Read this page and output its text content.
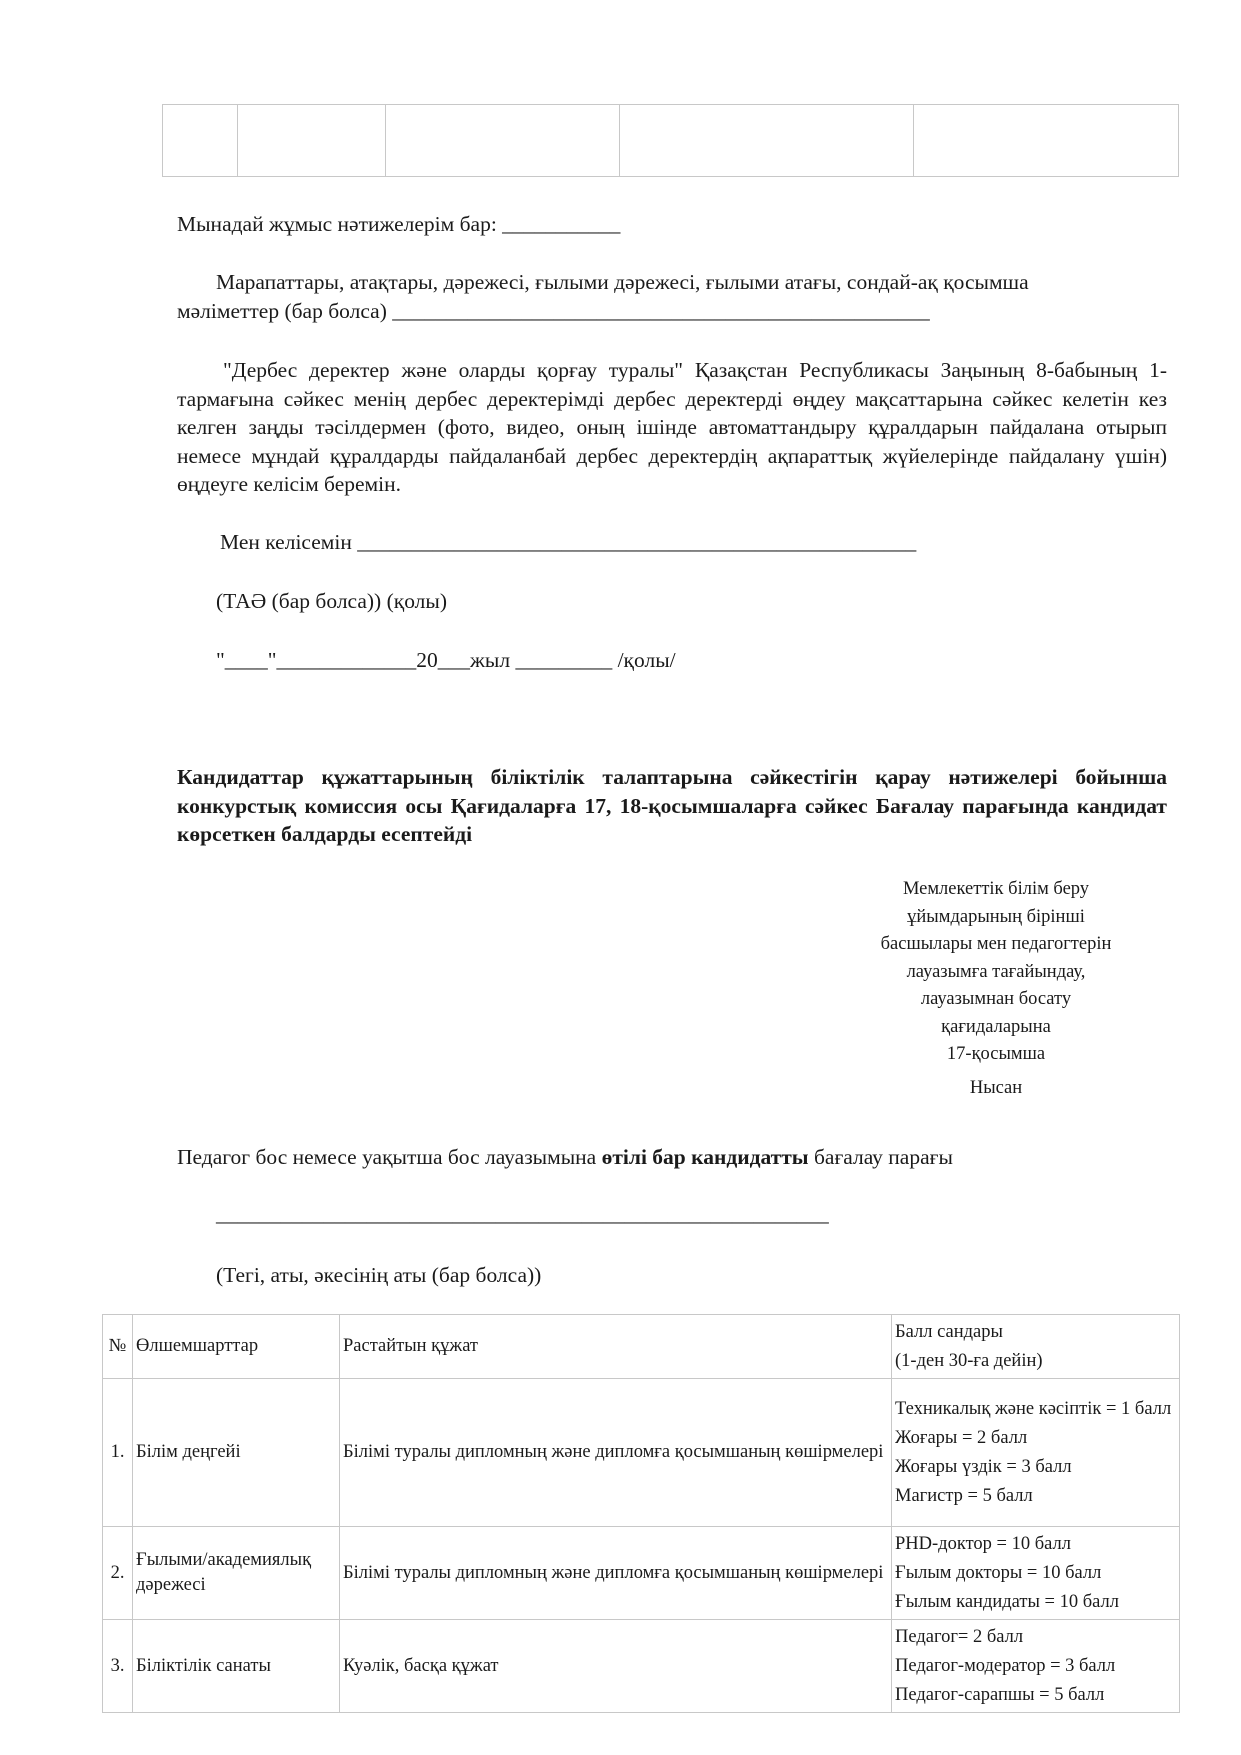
Мынадай жұмыс нәтижелерім бар: ___________
Марапаттары, атақтары, дәрежесі, ғылыми дәрежесі, ғылыми атағы, сондай-ақ қосымша
мәліметтер (бар болса) __________________________________________________
"Дербес деректер және оларды қорғау туралы" Қазақстан Республикасы Заңының 8-бабының 1-тармағына сәйкес менің дербес деректерімді дербес деректерді өңдеу мақсаттарына сәйкес келетін кез келген заңды тәсілдермен (фото, видео, оның ішінде автоматтандыру құралдарын пайдалана отырып немесе мұндай құралдарды пайдаланбай дербес деректердің ақпараттық жүйелерінде пайдалану үшін) өңдеуге келісім беремін.
Мен келісемін ____________________________________________________
(ТАӘ (бар болса)) (қолы)
"____"_____________20___жыл _________ /қолы/
Кандидаттар құжаттарының біліктілік талаптарына сәйкестігін қарау нәтижелері бойынша конкурстық комиссия осы Қағидаларға 17, 18-қосымшаларға сәйкес Бағалау парағында кандидат көрсеткен балдарды есептейді
Мемлекеттік білім беру
ұйымдарының бірінші
басшылары мен педагогтерін
лауазымға тағайындау,
лауазымнан босату
қағидаларына
17-қосымша
Нысан
Педагог бос немесе уақытша бос лауазымына өтілі бар кандидатты бағалау парағы
_________________________________________________________
(Тегі, аты, әкесінің аты (бар болса))
№	Өлшемшарттар	Растайтын құжат	Балл сандары
(1-ден 30-ға дейін)

1.	Білім деңгейі	Білімі туралы дипломның және дипломға қосымшаның көшірмелері	Техникалық және кәсіптік = 1 балл
Жоғары = 2 балл
Жоғары үздік = 3 балл
Магистр = 5 балл

2.	Ғылыми/академиялық дәрежесі	Білімі туралы дипломның және дипломға қосымшаның көшірмелері	PHD-доктор = 10 балл
Ғылым докторы = 10 балл
Ғылым кандидаты = 10 балл

3.	Біліктілік санаты	Куәлік, басқа құжат	Педагог= 2 балл
Педагог-модератор = 3 балл
Педагог-сарапшы = 5 балл
